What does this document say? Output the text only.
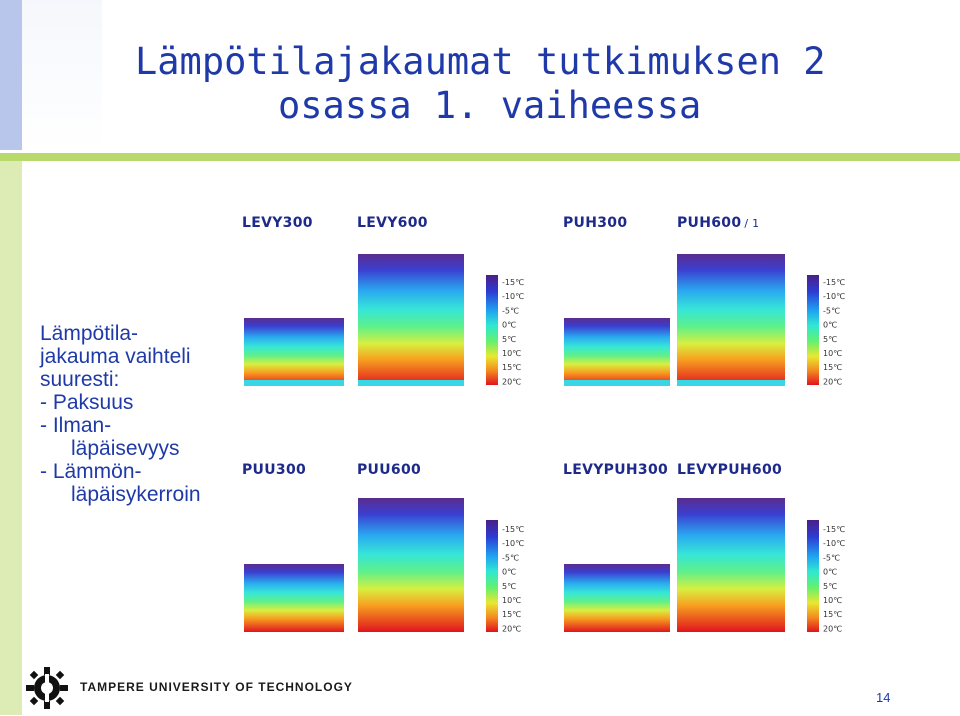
Lämpötilajakaumat tutkimuksen 2
osassa 1. vaiheessa
Lämpötila-
jakauma vaihteli
suuresti:
- Paksuus
- Ilman-
läpäisevyys
- Lämmön-
läpäisykerroin
LEVY300	LEVY600	PUH300	PUH600 / 1
PUU300	PUU600	LEVYPUH300 LEVYPUH600
-15℃
-10℃
-5℃
0℃
5℃
10℃
15℃
20℃
-15℃
-10℃
-5℃
0℃
5℃
10℃
15℃
20℃
-15℃
-10℃
-5℃
0℃
5℃
10℃
15℃
20℃
-15℃
-10℃
-5℃
0℃
5℃
10℃
15℃
20℃
TAMPERE UNIVERSITY OF TECHNOLOGY
14
